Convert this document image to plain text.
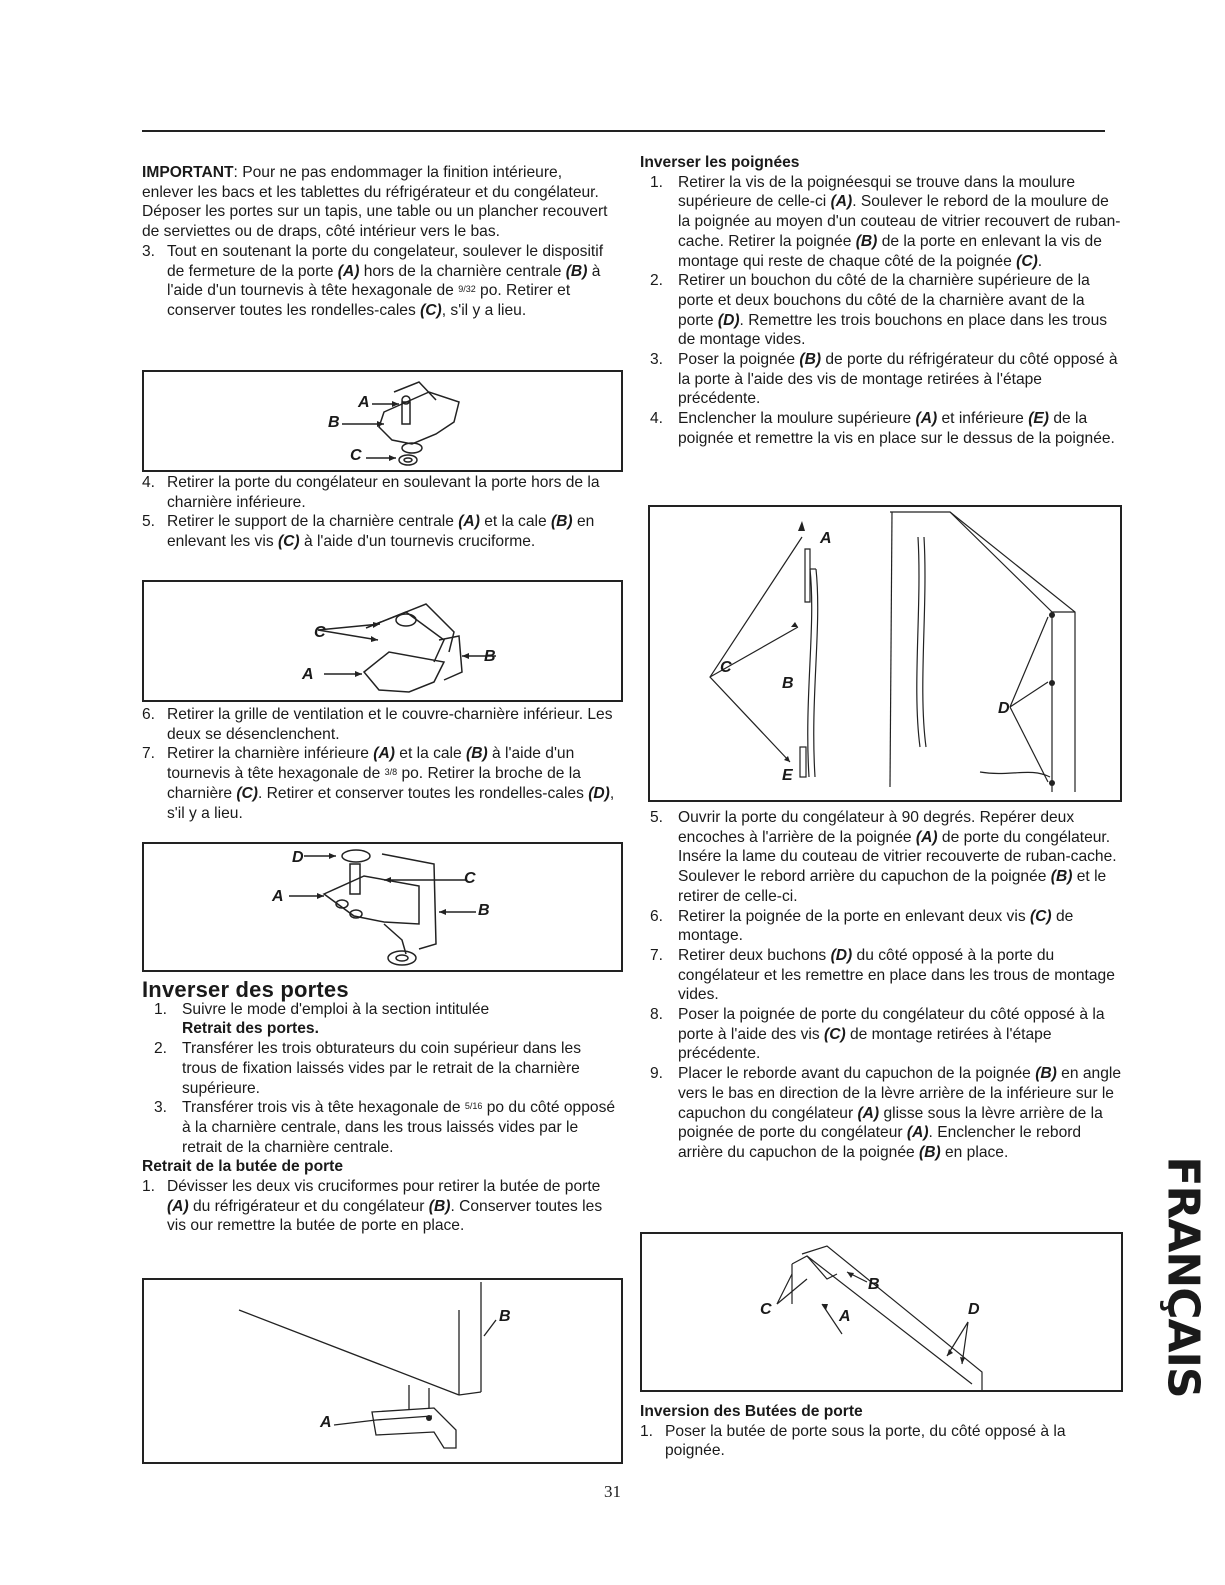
IMPORTANT: Pour ne pas endommager la finition intérieure, enlever les bacs et les tablettes du réfrigérateur et du congélateur. Déposer les portes sur un tapis, une table ou un plancher recouvert de serviettes ou de draps, côté intérieur vers le bas.

3. Tout en soutenant la porte du congelateur, soulever le dispositif de fermeture de la porte (A) hors de la charnière centrale (B) à l'aide d'un tournevis à tête hexagonale de $^{9/32}$ po. Retirer et conserver toutes les rondelles-cales (C), s'il y a lieu.

A
B
C

4. Retirer la porte du congélateur en soulevant la porte hors de la charnière inférieure.

5. Retirer le support de la charnière centrale (A) et la cale (B) en enlevant les vis (C) à l'aide d'un tournevis cruciforme.

C
B
A

6. Retirer la grille de ventilation et le couvre-charnière inférieur. Les deux se désenclenchent.

7. Retirer la charnière inférieure (A) et la cale (B) à l'aide d'un tournevis à tête hexagonale de $^{3/8}$ po. Retirer la broche de la charnière (C). Retirer et conserver toutes les rondelles-cales (D), s'il y a lieu.

D
C
A
B

Inverser des portes

1. Suivre le mode d'emploi à la section intitulée
Retrait des portes.

2. Transférer les trois obturateurs du coin supérieur dans les trous de fixation laissés vides par le retrait de la charnière supérieure.

3. Transférer trois vis à tête hexagonale de $^{5/16}$ po du côté opposé à la charnière centrale, dans les trous laissés vides par le retrait de la charnière centrale.

Retrait de la butée de porte

1. Dévisser les deux vis cruciformes pour retirer la butée de porte (A) du réfrigérateur et du congélateur (B). Conserver toutes les vis our remettre la butée de porte en place.

B
A

Inverser les poignées

1. Retirer la vis de la poignéesqui se trouve dans la moulure supérieure de celle-ci (A). Soulever le rebord de la moulure de la poignée au moyen d'un couteau de vitrier recouvert de ruban-cache. Retirer la poignée (B) de la porte en enlevant la vis de montage qui reste de chaque côté de la poignée (C).

2. Retirer un bouchon du côté de la charnière supérieure de la porte et deux bouchons du côté de la charnière avant de la porte (D). Remettre les trois bouchons en place dans les trous de montage vides.

3. Poser la poignée (B) de porte du réfrigérateur du côté opposé à la porte à l'aide des vis de montage retirées à l'étape précédente.

4. Enclencher la moulure supérieure (A) et inférieure (E) de la poignée et remettre la vis en place sur le dessus de la poignée.

A
C
B
D
E

5. Ouvrir la porte du congélateur à 90 degrés. Repérer deux encoches à l'arrière de la poignée (A) de porte du congélateur. Insére la lame du couteau de vitrier recouverte de ruban-cache. Soulever le rebord arrière du capuchon de la poignée (B) et le retirer de celle-ci.

6. Retirer la poignée de la porte en enlevant deux vis (C) de montage.

7. Retirer deux buchons (D) du côté opposé à la porte du congélateur et les remettre en place dans les trous de montage vides.

8. Poser la poignée de porte du congélateur du côté opposé à la porte à l'aide des vis (C) de montage retirées à l'étape précédente.

9. Placer le reborde avant du capuchon de la poignée (B) en angle vers le bas en direction de la lèvre arrière de la inférieure sur le capuchon du congélateur (A) glisse sous la lèvre arrière de la poignée de porte du congélateur (A). Enclencher le rebord arrière du capuchon de la poignée (B) en place.

B
C	D
A

Inversion des Butées de porte

1. Poser la butée de porte sous la porte, du côté opposé à la poignée.

31
FRANÇAIS
